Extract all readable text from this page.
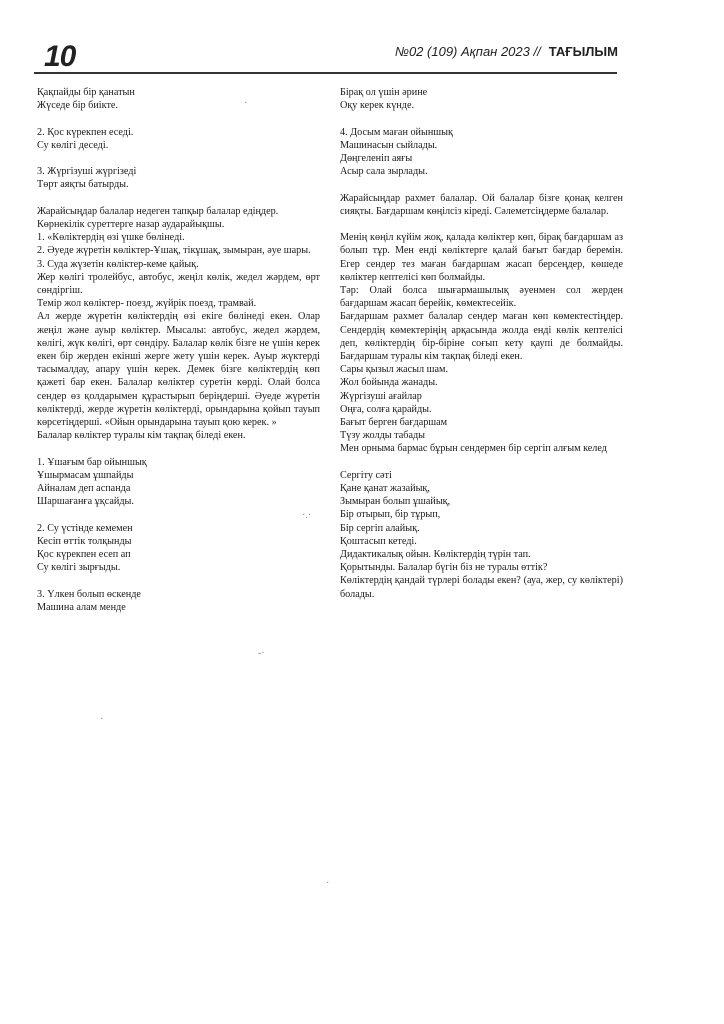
10	№02 (109) Ақпан 2023 // ТАҒЫЛЫМ
Қақпайды бір қанатын
Жүседе бір биікте.
2. Қос күрекпен еседі.
Су көлігі деседі.
3. Жүргізуші жүргізеді
Төрт аяқты батырды.
Жарайсыңдар балалар недеген тапқыр балалар едіңдер.
Көрнекілік суреттерге назар аударайықшы.
1. «Көліктердің өзі үшке бөлінеді.
2. Әуеде жүретін көліктер-Ұшақ, тікұшақ, зымыран, әуе шары.
3. Суда жүзетін көліктер-кеме қайық.
Жер көлігі тролейбус, автобус, жеңіл көлік, жедел жәрдем, өрт сөндіргіш.
Темір жол көліктер- поезд, жүйрік поезд, трамвай.
Ал жерде жүретін көліктердің өзі екіге бөлінеді екен. Олар жеңіл және ауыр көліктер. Мысалы: автобус, жедел жәрдем, көлігі, жүк көлігі, өрт сөндіру. Балалар көлік бізге не үшін керек екен бір жерден екінші жерге жету үшін керек. Ауыр жүктерді тасымалдау, апару үшін керек. Демек бізге көліктердің көп қажеті бар екен. Балалар көліктер суретін көрді. Олай болса сендер өз қолдарымен құрастырып беріңдерші. Әуеде жүретін көліктерді, жерде жүретін көліктерді, орындарына қойып тауып көрсетіңдерші. «Ойын орындарына тауып қою керек. »
Балалар көліктер туралы кім тақпақ біледі екен.
1. Ұшағым бар ойыншық
Ұшырмасам ұшпайды
Айналам деп аспанда
Шаршағанға ұқсайды.
2. Су үстінде кемемен
Кесіп өттік толқынды
Қос күрекпен есеп ап
Су көлігі зырғыды.
3. Үлкен болып өскенде
Машина алам менде
Бірақ ол үшін әрине
Оқу керек күнде.
4. Досым маған ойыншық
Машинасын сыйлады.
Дөңгеленіп аяғы
Асыр сала зырлады.
Жарайсыңдар рахмет балалар. Ой балалар бізге қонақ келген сияқты. Бағдаршам көңілсіз кіреді. Сәлеметсіңдерме балалар.
Менің көңіл күйім жоқ, қалада көліктер көп, бірақ бағдаршам аз болып тұр. Мен енді көліктерге қалай бағыт бағдар беремін. Егер сендер тез маған бағдаршам жасап берсеңдер, көшеде көліктер кептелісі көп болмайды.
Тәр: Олай болса шығармашылық әуенмен сол жерден бағдаршам жасап берейік, көмектесейік.
Бағдаршам рахмет балалар сендер маған көп көмектестіңдер. Сендердің көмектеріңің арқасында жолда енді көлік кептелісі деп, көліктердің бір-біріне соғып кету қаупі де болмайды. Бағдаршам туралы кім тақпақ біледі екен.
Сары қызыл жасыл шам.
Жол бойында жанады.
Жүргізуші ағайлар
Оңға, солға қарайды.
Бағыт берген бағдаршам
Түзу жолды табады
Мен орныма бармас бұрын сендермен бір сергіп алғым келед
Сергіту сәті
Қане қанат жазайық,
Зымыран болып ұшайық,
Бір отырып, бір тұрып,
Бір сергіп алайық.
Қоштасып кетеді.
Дидактикалық ойын. Көліктердің түрін тап.
Қорытынды. Балалар бүгін біз не туралы өттік?
Көліктердің қандай түрлері болады екен? (ауа, жер, су көліктері) болады.
·
·.·
-·
·
·
